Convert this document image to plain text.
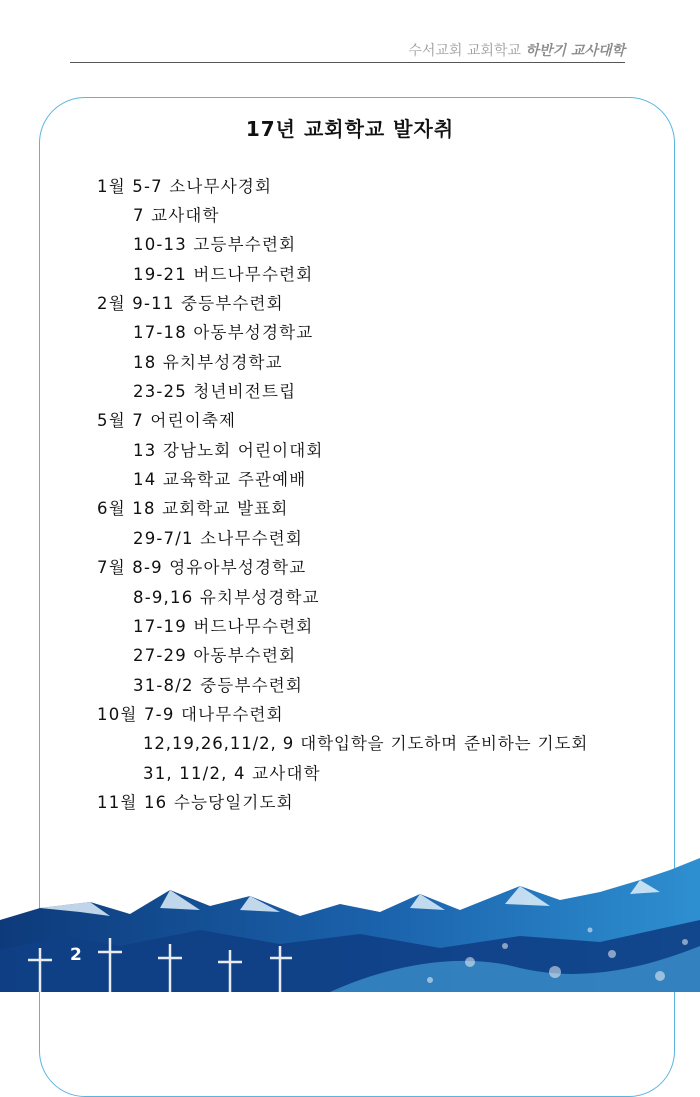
수서교회 교회학교 하반기 교사대학
17년 교회학교 발자취
1월 5-7 소나무사경회
7 교사대학
10-13 고등부수련회
19-21 버드나무수련회
2월 9-11 중등부수련회
17-18 아동부성경학교
18 유치부성경학교
23-25 청년비전트립
5월 7 어린이축제
13 강남노회 어린이대회
14 교육학교 주관예배
6월 18 교회학교 발표회
29-7/1 소나무수련회
7월 8-9 영유아부성경학교
8-9,16 유치부성경학교
17-19 버드나무수련회
27-29 아동부수련회
31-8/2 중등부수련회
10월 7-9 대나무수련회
12,19,26,11/2, 9 대학입학을 기도하며 준비하는 기도회
31, 11/2, 4 교사대학
11월 16 수능당일기도회
2
